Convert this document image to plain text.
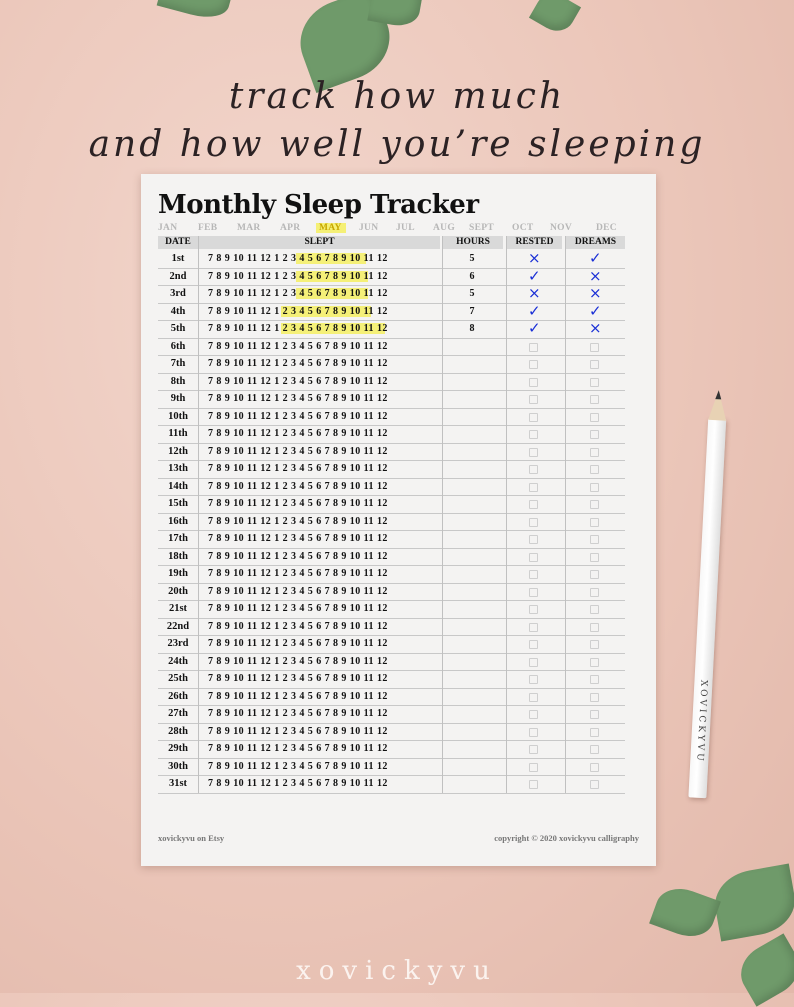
track how much
and how well you’re sleeping
Monthly Sleep Tracker
JAN FEB MAR APR MAY JUN JUL AUG SEPT OCT NOV	DEC
DATE	SLEPT	HOURS	RESTED	DREAMS
1st	7 8 9 10 11 12 1 2 3 4 5 6 7 8 9 10 11 12	5	×	✓
2nd	7 8 9 10 11 12 1 2 3 4 5 6 7 8 9 10 11 12	6	✓	×
3rd	7 8 9 10 11 12 1 2 3 4 5 6 7 8 9 10 11 12	5	×	×
4th	7 8 9 10 11 12 1 2 3 4 5 6 7 8 9 10 11 12	7	✓	✓
5th	7 8 9 10 11 12 1 2 3 4 5 6 7 8 9 10 11 12	8	✓	×
6th	7 8 9 10 11 12 1 2 3 4 5 6 7 8 9 10 11 12
7th	7 8 9 10 11 12 1 2 3 4 5 6 7 8 9 10 11 12
8th	7 8 9 10 11 12 1 2 3 4 5 6 7 8 9 10 11 12
9th	7 8 9 10 11 12 1 2 3 4 5 6 7 8 9 10 11 12
10th	7 8 9 10 11 12 1 2 3 4 5 6 7 8 9 10 11 12
11th	7 8 9 10 11 12 1 2 3 4 5 6 7 8 9 10 11 12
12th	7 8 9 10 11 12 1 2 3 4 5 6 7 8 9 10 11 12
13th	7 8 9 10 11 12 1 2 3 4 5 6 7 8 9 10 11 12
14th	7 8 9 10 11 12 1 2 3 4 5 6 7 8 9 10 11 12
15th	7 8 9 10 11 12 1 2 3 4 5 6 7 8 9 10 11 12
16th	7 8 9 10 11 12 1 2 3 4 5 6 7 8 9 10 11 12
17th	7 8 9 10 11 12 1 2 3 4 5 6 7 8 9 10 11 12
18th	7 8 9 10 11 12 1 2 3 4 5 6 7 8 9 10 11 12
19th	7 8 9 10 11 12 1 2 3 4 5 6 7 8 9 10 11 12
20th	7 8 9 10 11 12 1 2 3 4 5 6 7 8 9 10 11 12
21st	7 8 9 10 11 12 1 2 3 4 5 6 7 8 9 10 11 12
22nd	7 8 9 10 11 12 1 2 3 4 5 6 7 8 9 10 11 12
23rd	7 8 9 10 11 12 1 2 3 4 5 6 7 8 9 10 11 12
24th	7 8 9 10 11 12 1 2 3 4 5 6 7 8 9 10 11 12
25th	7 8 9 10 11 12 1 2 3 4 5 6 7 8 9 10 11 12
26th	7 8 9 10 11 12 1 2 3 4 5 6 7 8 9 10 11 12
27th	7 8 9 10 11 12 1 2 3 4 5 6 7 8 9 10 11 12
28th	7 8 9 10 11 12 1 2 3 4 5 6 7 8 9 10 11 12
29th	7 8 9 10 11 12 1 2 3 4 5 6 7 8 9 10 11 12
30th	7 8 9 10 11 12 1 2 3 4 5 6 7 8 9 10 11 12
31st	7 8 9 10 11 12 1 2 3 4 5 6 7 8 9 10 11 12
xovickyvu on Etsy	copyright © 2020 xovickyvu calligraphy
XOVICKYVU
xovickyvu
